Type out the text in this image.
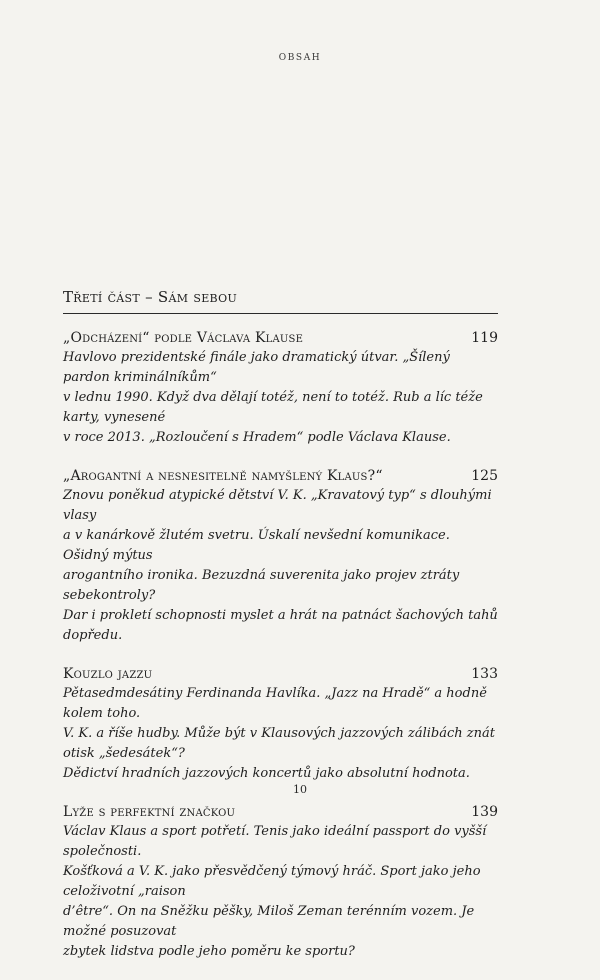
OBSAH
Třetí část – Sám sebou
„Odcházení“ podle Václava Klause	119

Havlovo prezidentské finále jako dramatický útvar. „Šílený pardon kriminálníkům“
v lednu 1990. Když dva dělají totéž, není to totéž. Rub a líc téže karty, vynesené
v roce 2013. „Rozloučení s Hradem“ podle Václava Klause.

„Arogantní a nesnesitelně namyšlený Klaus?“	125

Znovu poněkud atypické dětství V. K. „Kravatový typ“ s dlouhými vlasy
a v kanárkově žlutém svetru. Úskalí nevšední komunikace. Ošidný mýtus
arogantního ironika. Bezuzdná suverenita jako projev ztráty sebekontroly?
Dar i prokletí schopnosti myslet a hrát na patnáct šachových tahů dopředu.

Kouzlo jazzu	133

Pětasedmdesátiny Ferdinanda Havlíka. „Jazz na Hradě“ a hodně kolem toho.
V. K. a říše hudby. Může být v Klausových jazzových zálibách znát otisk „šedesátek“?
Dědictví hradních jazzových koncertů jako absolutní hodnota.

Lyže s perfektní značkou	139

Václav Klaus a sport potřetí. Tenis jako ideální passport do vyšší společnosti.
Košťková a V. K. jako přesvědčený týmový hráč. Sport jako jeho celoživotní „raison
d’être“. On na Sněžku pěšky, Miloš Zeman terénním vozem. Je možné posuzovat
zbytek lidstva podle jeho poměru ke sportu?

10
